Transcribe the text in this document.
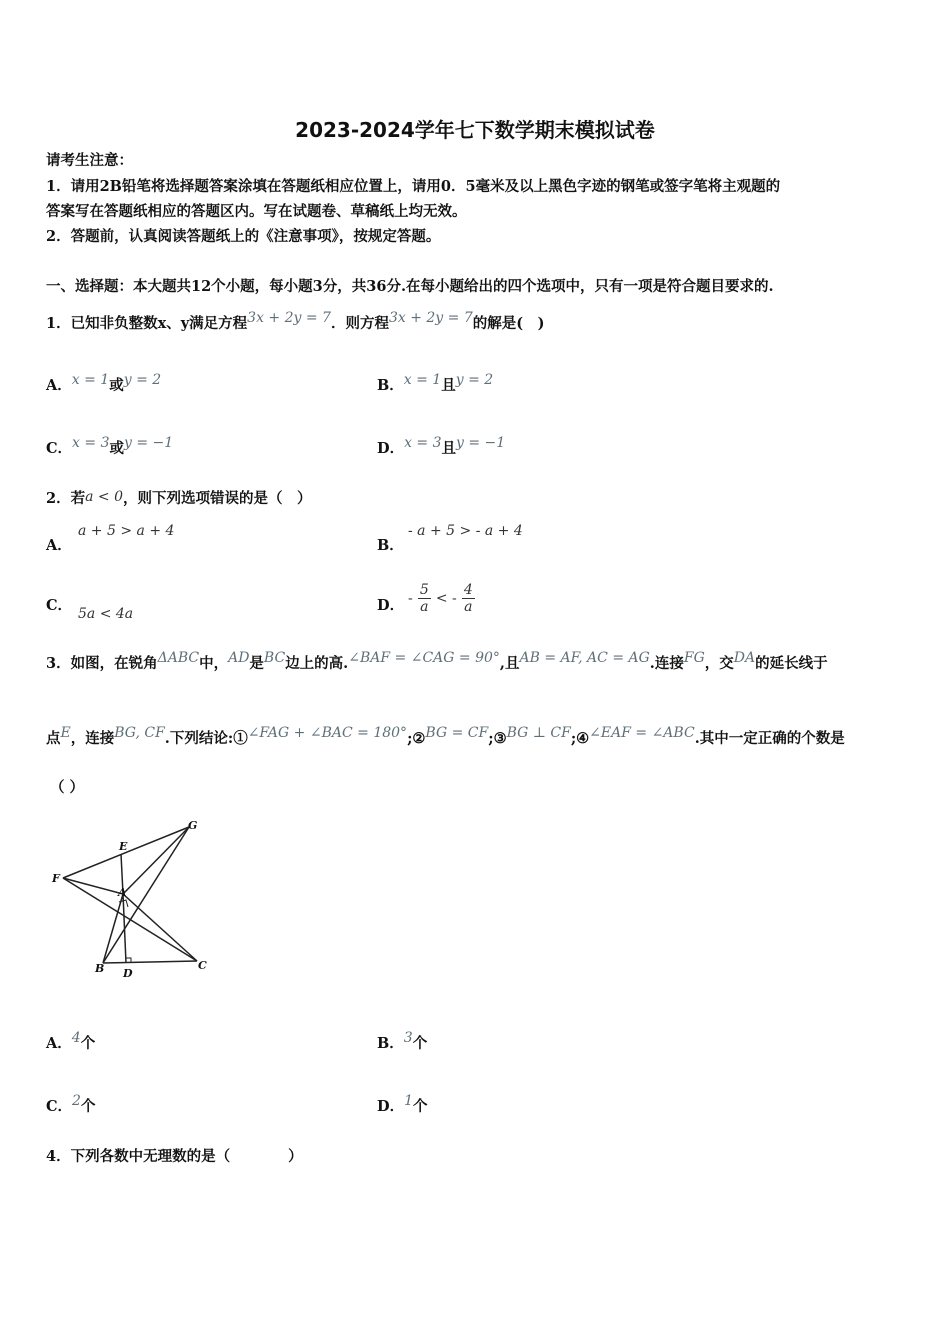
2023-2024学年七下数学期末模拟试卷
请考生注意：
1．请用2B铅笔将选择题答案涂填在答题纸相应位置上，请用0．5毫米及以上黑色字迹的钢笔或签字笔将主观题的
答案写在答题纸相应的答题区内。写在试题卷、草稿纸上均无效。
2．答题前，认真阅读答题纸上的《注意事项》，按规定答题。
一、选择题：本大题共12个小题，每小题3分，共36分.在每小题给出的四个选项中，只有一项是符合题目要求的.
1．已知非负整数x、y满足方程3x + 2y = 7．则方程3x + 2y = 7的解是(　)
A．x = 1或y = 2	B．x = 1且y = 2
C．x = 3或y = −1	D．x = 3且y = −1
2．若a < 0，则下列选项错误的是（　）
A．
a + 5 > a + 4
B．
- a + 5 > - a + 4
C． 5a < 4a	D． - $\frac{5}{a}$ < - $\frac{4}{a}$
3．如图，在锐角ΔABC中，AD是BC边上的高.∠BAF = ∠CAG = 90°,且AB = AF, AC = AG.连接FG，交DA的延长线于
点E，连接BG, CF.下列结论:①∠FAG + ∠BAC = 180°;②BG = CF;③BG ⊥ CF;④∠EAF = ∠ABC.其中一定正确的个数是
（ ）
G
E
F
A
B D
C
A．4个	B．3个
C．2个	D．1个
4．下列各数中无理数的是（　　　　）
